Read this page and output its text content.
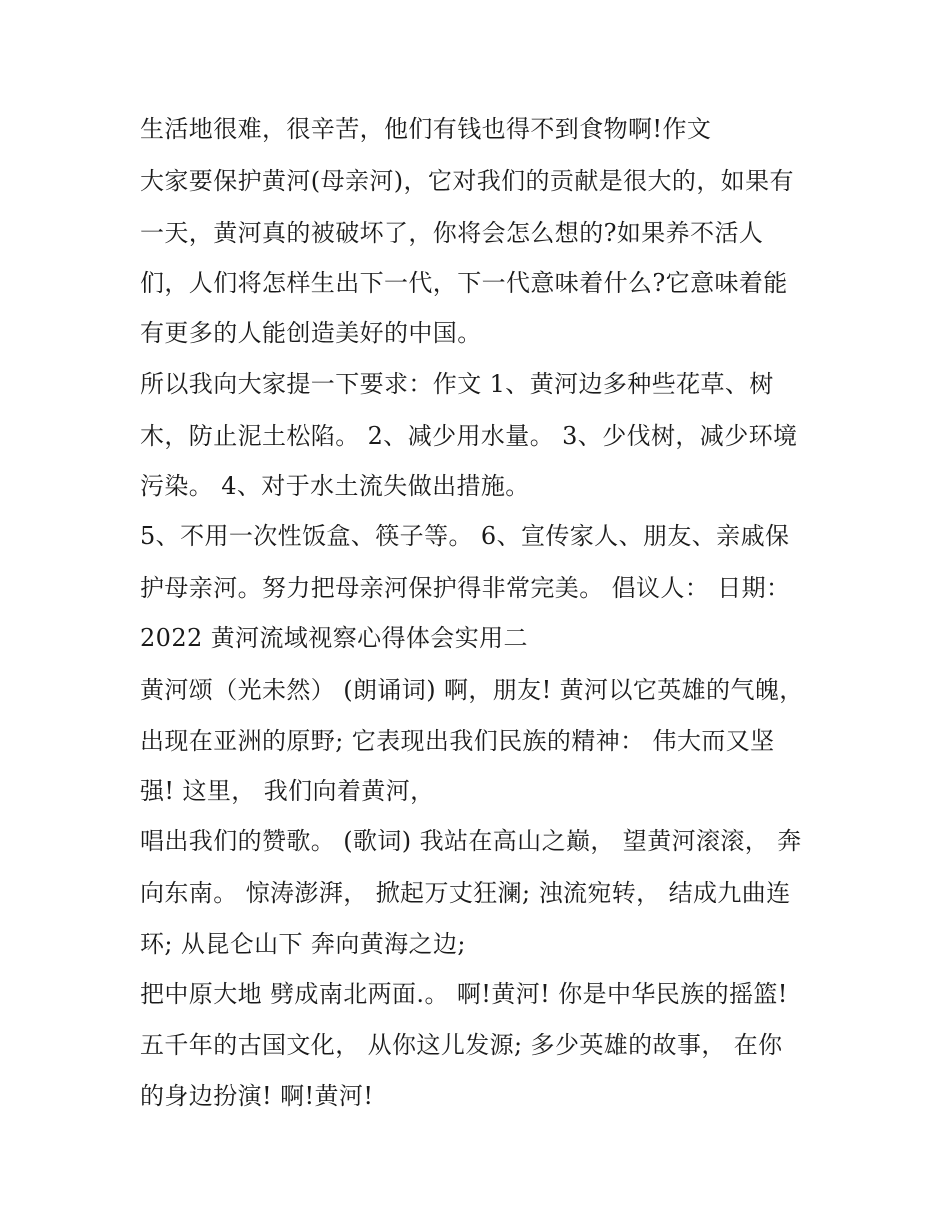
生活地很难，很辛苦，他们有钱也得不到食物啊!作文
大家要保护黄河(母亲河)，它对我们的贡献是很大的，如果有
一天，黄河真的被破坏了，你将会怎么想的?如果养不活人
们，人们将怎样生出下一代，下一代意味着什么?它意味着能
有更多的人能创造美好的中国。
所以我向大家提一下要求：作文 1、黄河边多种些花草、树
木，防止泥土松陷。 2、减少用水量。 3、少伐树，减少环境
污染。 4、对于水土流失做出措施。
5、不用一次性饭盒、筷子等。 6、宣传家人、朋友、亲戚保
护母亲河。努力把母亲河保护得非常完美。 倡议人： 日期：
2022 黄河流域视察心得体会实用二
黄河颂（光未然） (朗诵词) 啊，朋友! 黄河以它英雄的气魄，
出现在亚洲的原野; 它表现出我们民族的精神： 伟大而又坚
强! 这里， 我们向着黄河，
唱出我们的赞歌。 (歌词) 我站在高山之巅， 望黄河滚滚， 奔
向东南。 惊涛澎湃， 掀起万丈狂澜; 浊流宛转， 结成九曲连
环; 从昆仑山下 奔向黄海之边;
把中原大地 劈成南北两面.。 啊!黄河! 你是中华民族的摇篮!
五千年的古国文化， 从你这儿发源; 多少英雄的故事， 在你
的身边扮演! 啊!黄河!
